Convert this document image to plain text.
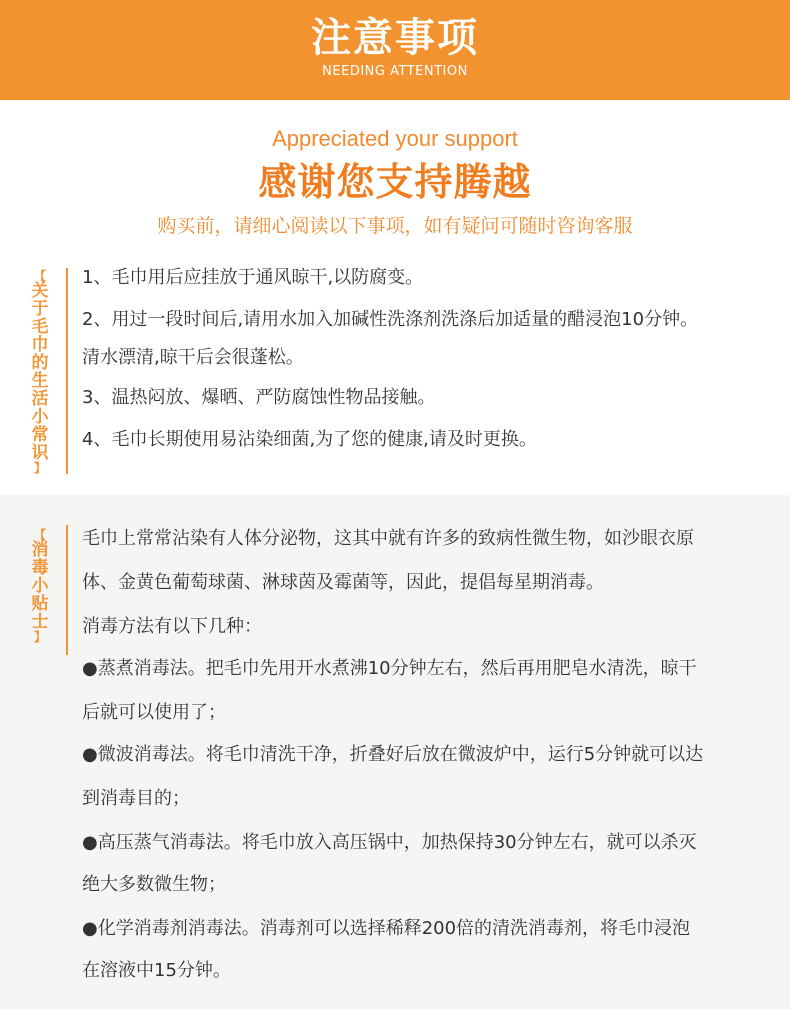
注意事项
NEEDING ATTENTION
Appreciated your support
感谢您支持腾越
购买前，请细心阅读以下事项，如有疑问可随时咨询客服
【
关
于
毛
巾
的
生
活
小
常
识
】
1、毛巾用后应挂放于通风晾干,以防腐变。
2、用过一段时间后,请用水加入加碱性洗涤剂洗涤后加适量的醋浸泡10分钟。
清水漂清,晾干后会很蓬松。
3、温热闷放、爆晒、严防腐蚀性物品接触。
4、毛巾长期使用易沾染细菌,为了您的健康,请及时更换。
【
消
毒
小
贴
士
】
毛巾上常常沾染有人体分泌物，这其中就有许多的致病性微生物，如沙眼衣原
体、金黄色葡萄球菌、淋球茵及霉菌等，因此，提倡每星期消毒。
消毒方法有以下几种：
●蒸煮消毒法。把毛巾先用开水煮沸10分钟左右，然后再用肥皂水清洗，晾干
后就可以使用了；
●微波消毒法。将毛巾清洗干净，折叠好后放在微波炉中，运行5分钟就可以达
到消毒目的；
●高压蒸气消毒法。将毛巾放入高压锅中，加热保持30分钟左右，就可以杀灭
绝大多数微生物；
●化学消毒剂消毒法。消毒剂可以选择稀释200倍的清洗消毒剂，将毛巾浸泡
在溶液中15分钟。
